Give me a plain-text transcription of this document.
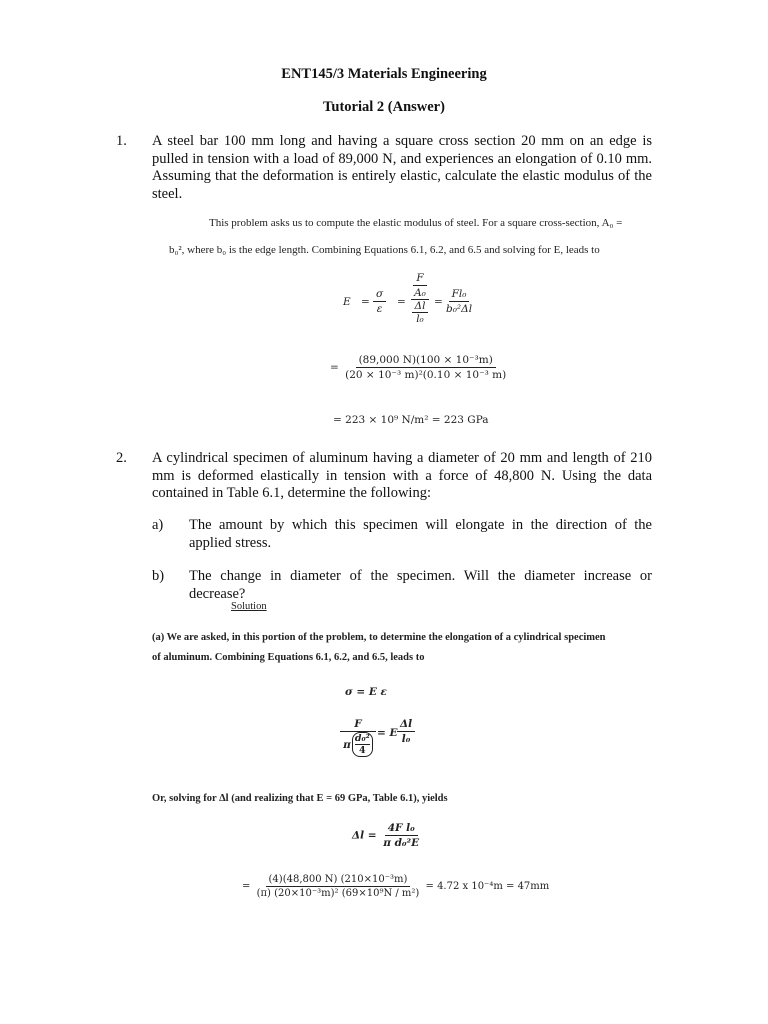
ENT145/3 Materials Engineering
Tutorial 2 (Answer)
1. A steel bar 100 mm long and having a square cross section 20 mm on an edge is pulled in tension with a load of 89,000 N, and experiences an elongation of 0.10 mm. Assuming that the deformation is entirely elastic, calculate the elastic modulus of the steel.
This problem asks us to compute the elastic modulus of steel. For a square cross-section, A₀ =
b₀², where b₀ is the edge length. Combining Equations 6.1, 6.2, and 6.5 and solving for E, leads to
$E = \frac{\sigma}{\varepsilon}$ =
F
A₀
Δl
l₀
= $\frac{\text{Fl₀}}{\text{b₀²Δl}}$
= $\frac{\text{(89,000 N)(100 × 10⁻³m)}}{\text{(20 × 10⁻³ m)²(0.10 × 10⁻³ m)}}$
= 223 × 10⁹ N/m² = 223 GPa
2. A cylindrical specimen of aluminum having a diameter of 20 mm and length of 210 mm is deformed elastically in tension with a force of 48,800 N. Using the data contained in Table 6.1, determine the following:
a) The amount by which this specimen will elongate in the direction of the applied stress.
b) The change in diameter of the specimen. Will the diameter increase or decrease?
Solution
(a) We are asked, in this portion of the problem, to determine the elongation of a cylindrical specimen
of aluminum. Combining Equations 6.1, 6.2, and 6.5, leads to
σ = E ε
F
π d₀²
4
= E $\frac{\Delta l}{\text{l₀}}$
Or, solving for Δl (and realizing that E = 69 GPa, Table 6.1), yields
$\Delta l = \frac{\text{4F l₀}}{\text{π d₀²E}}$
= $\frac{\text{(4)(48,800 N) (210×10⁻³m)}}{\text{(π) (20×10⁻³m)² (69×10⁹N / m²)}} = 4.72$ x 10⁻⁴m = 47mm
